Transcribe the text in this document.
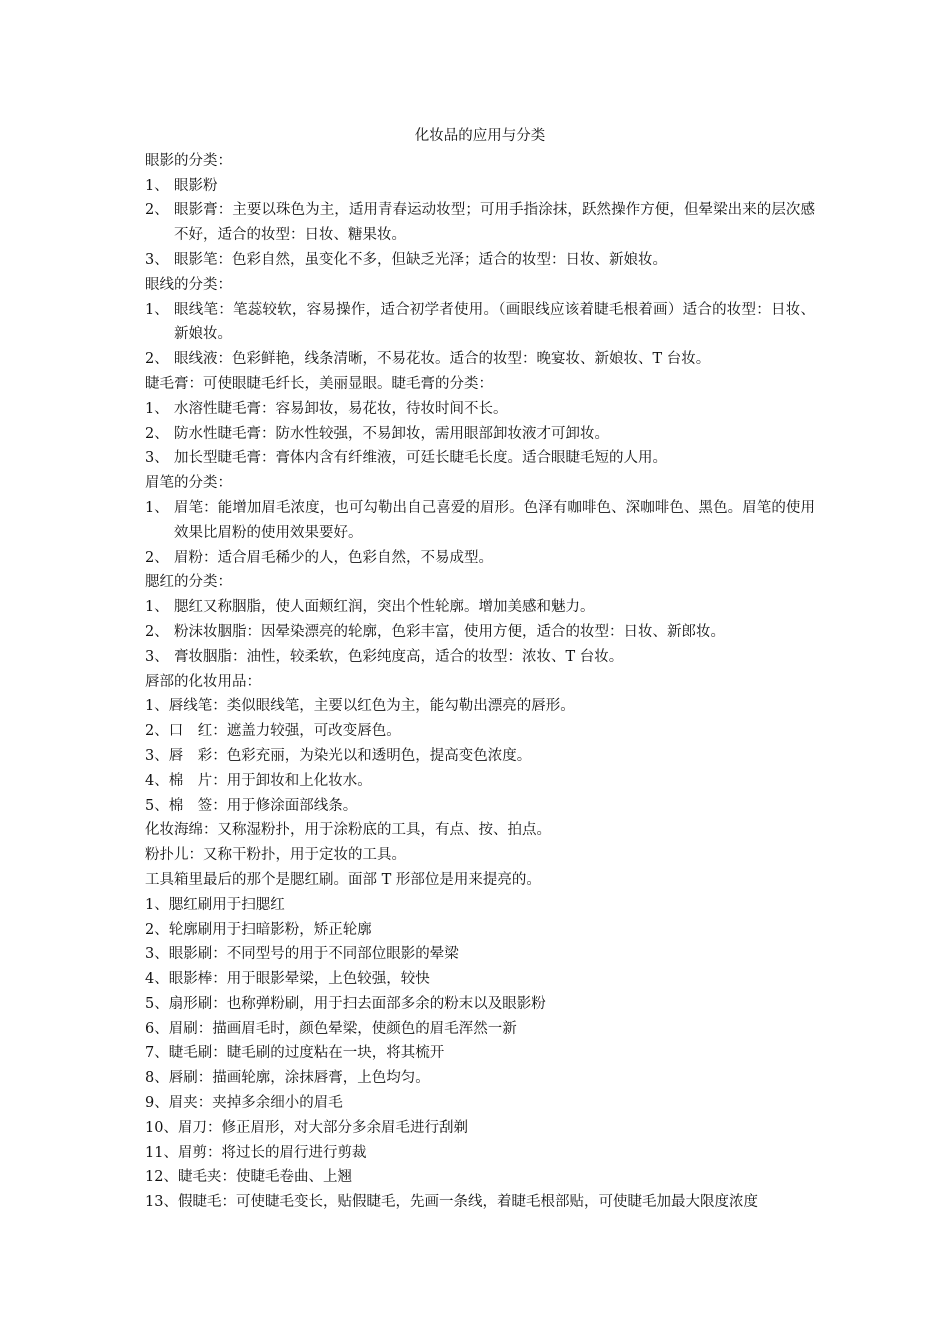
化妆品的应用与分类

眼影的分类：

1、 眼影粉
2、 眼影膏：主要以珠色为主，适用青春运动妆型；可用手指涂抹，跃然操作方便，但晕梁出来的层次感不好，适合的妆型：日妆、糖果妆。
3、 眼影笔：色彩自然，虽变化不多，但缺乏光泽；适合的妆型：日妆、新娘妆。

眼线的分类：

1、 眼线笔：笔蕊较软，容易操作，适合初学者使用。（画眼线应该着睫毛根着画）适合的妆型：日妆、新娘妆。
2、 眼线液：色彩鲜艳，线条清晰，不易花妆。适合的妆型：晚宴妆、新娘妆、T 台妆。

睫毛膏：可使眼睫毛纤长，美丽显眼。睫毛膏的分类：

1、 水溶性睫毛膏：容易卸妆，易花妆，待妆时间不长。
2、 防水性睫毛膏：防水性较强，不易卸妆，需用眼部卸妆液才可卸妆。
3、 加长型睫毛膏：膏体内含有纤维液，可廷长睫毛长度。适合眼睫毛短的人用。

眉笔的分类：

1、 眉笔：能增加眉毛浓度，也可勾勒出自己喜爱的眉形。色泽有咖啡色、深咖啡色、黑色。眉笔的使用效果比眉粉的使用效果要好。
2、 眉粉：适合眉毛稀少的人，色彩自然，不易成型。

腮红的分类：

1、 腮红又称胭脂，使人面颊红润，突出个性轮廓。增加美感和魅力。
2、 粉沫妆胭脂：因晕染漂亮的轮廓，色彩丰富，使用方便，适合的妆型：日妆、新郎妆。
3、 膏妆胭脂：油性，较柔软，色彩纯度高，适合的妆型：浓妆、T 台妆。

唇部的化妆用品：

1、 唇线笔：类似眼线笔，主要以红色为主，能勾勒出漂亮的唇形。
2、 口　红：遮盖力较强，可改变唇色。
3、 唇　彩：色彩充丽，为染光以和透明色，提高变色浓度。
4、 棉　片：用于卸妆和上化妆水。
5、 棉　签：用于修涂面部线条。

化妆海绵：又称湿粉扑，用于涂粉底的工具，有点、按、拍点。

粉扑儿：又称干粉扑，用于定妆的工具。

工具箱里最后的那个是腮红刷。面部 T 形部位是用来提亮的。

1、 腮红刷用于扫腮红
2、 轮廓刷用于扫暗影粉，矫正轮廓
3、 眼影刷：不同型号的用于不同部位眼影的晕梁
4、 眼影棒：用于眼影晕梁，上色较强，较快
5、 扇形刷：也称弹粉刷，用于扫去面部多余的粉末以及眼影粉
6、 眉刷：描画眉毛时，颜色晕梁，使颜色的眉毛浑然一新
7、 睫毛刷：睫毛刷的过度粘在一块，将其梳开
8、 唇刷：描画轮廓，涂抹唇膏，上色均匀。
9、 眉夹：夹掉多余细小的眉毛
10、 眉刀：修正眉形，对大部分多余眉毛进行刮剃
11、 眉剪：将过长的眉行进行剪裁
12、 睫毛夹：使睫毛卷曲、上翘
13、 假睫毛：可使睫毛变长，贴假睫毛，先画一条线，着睫毛根部贴，可使睫毛加最大限度浓度
